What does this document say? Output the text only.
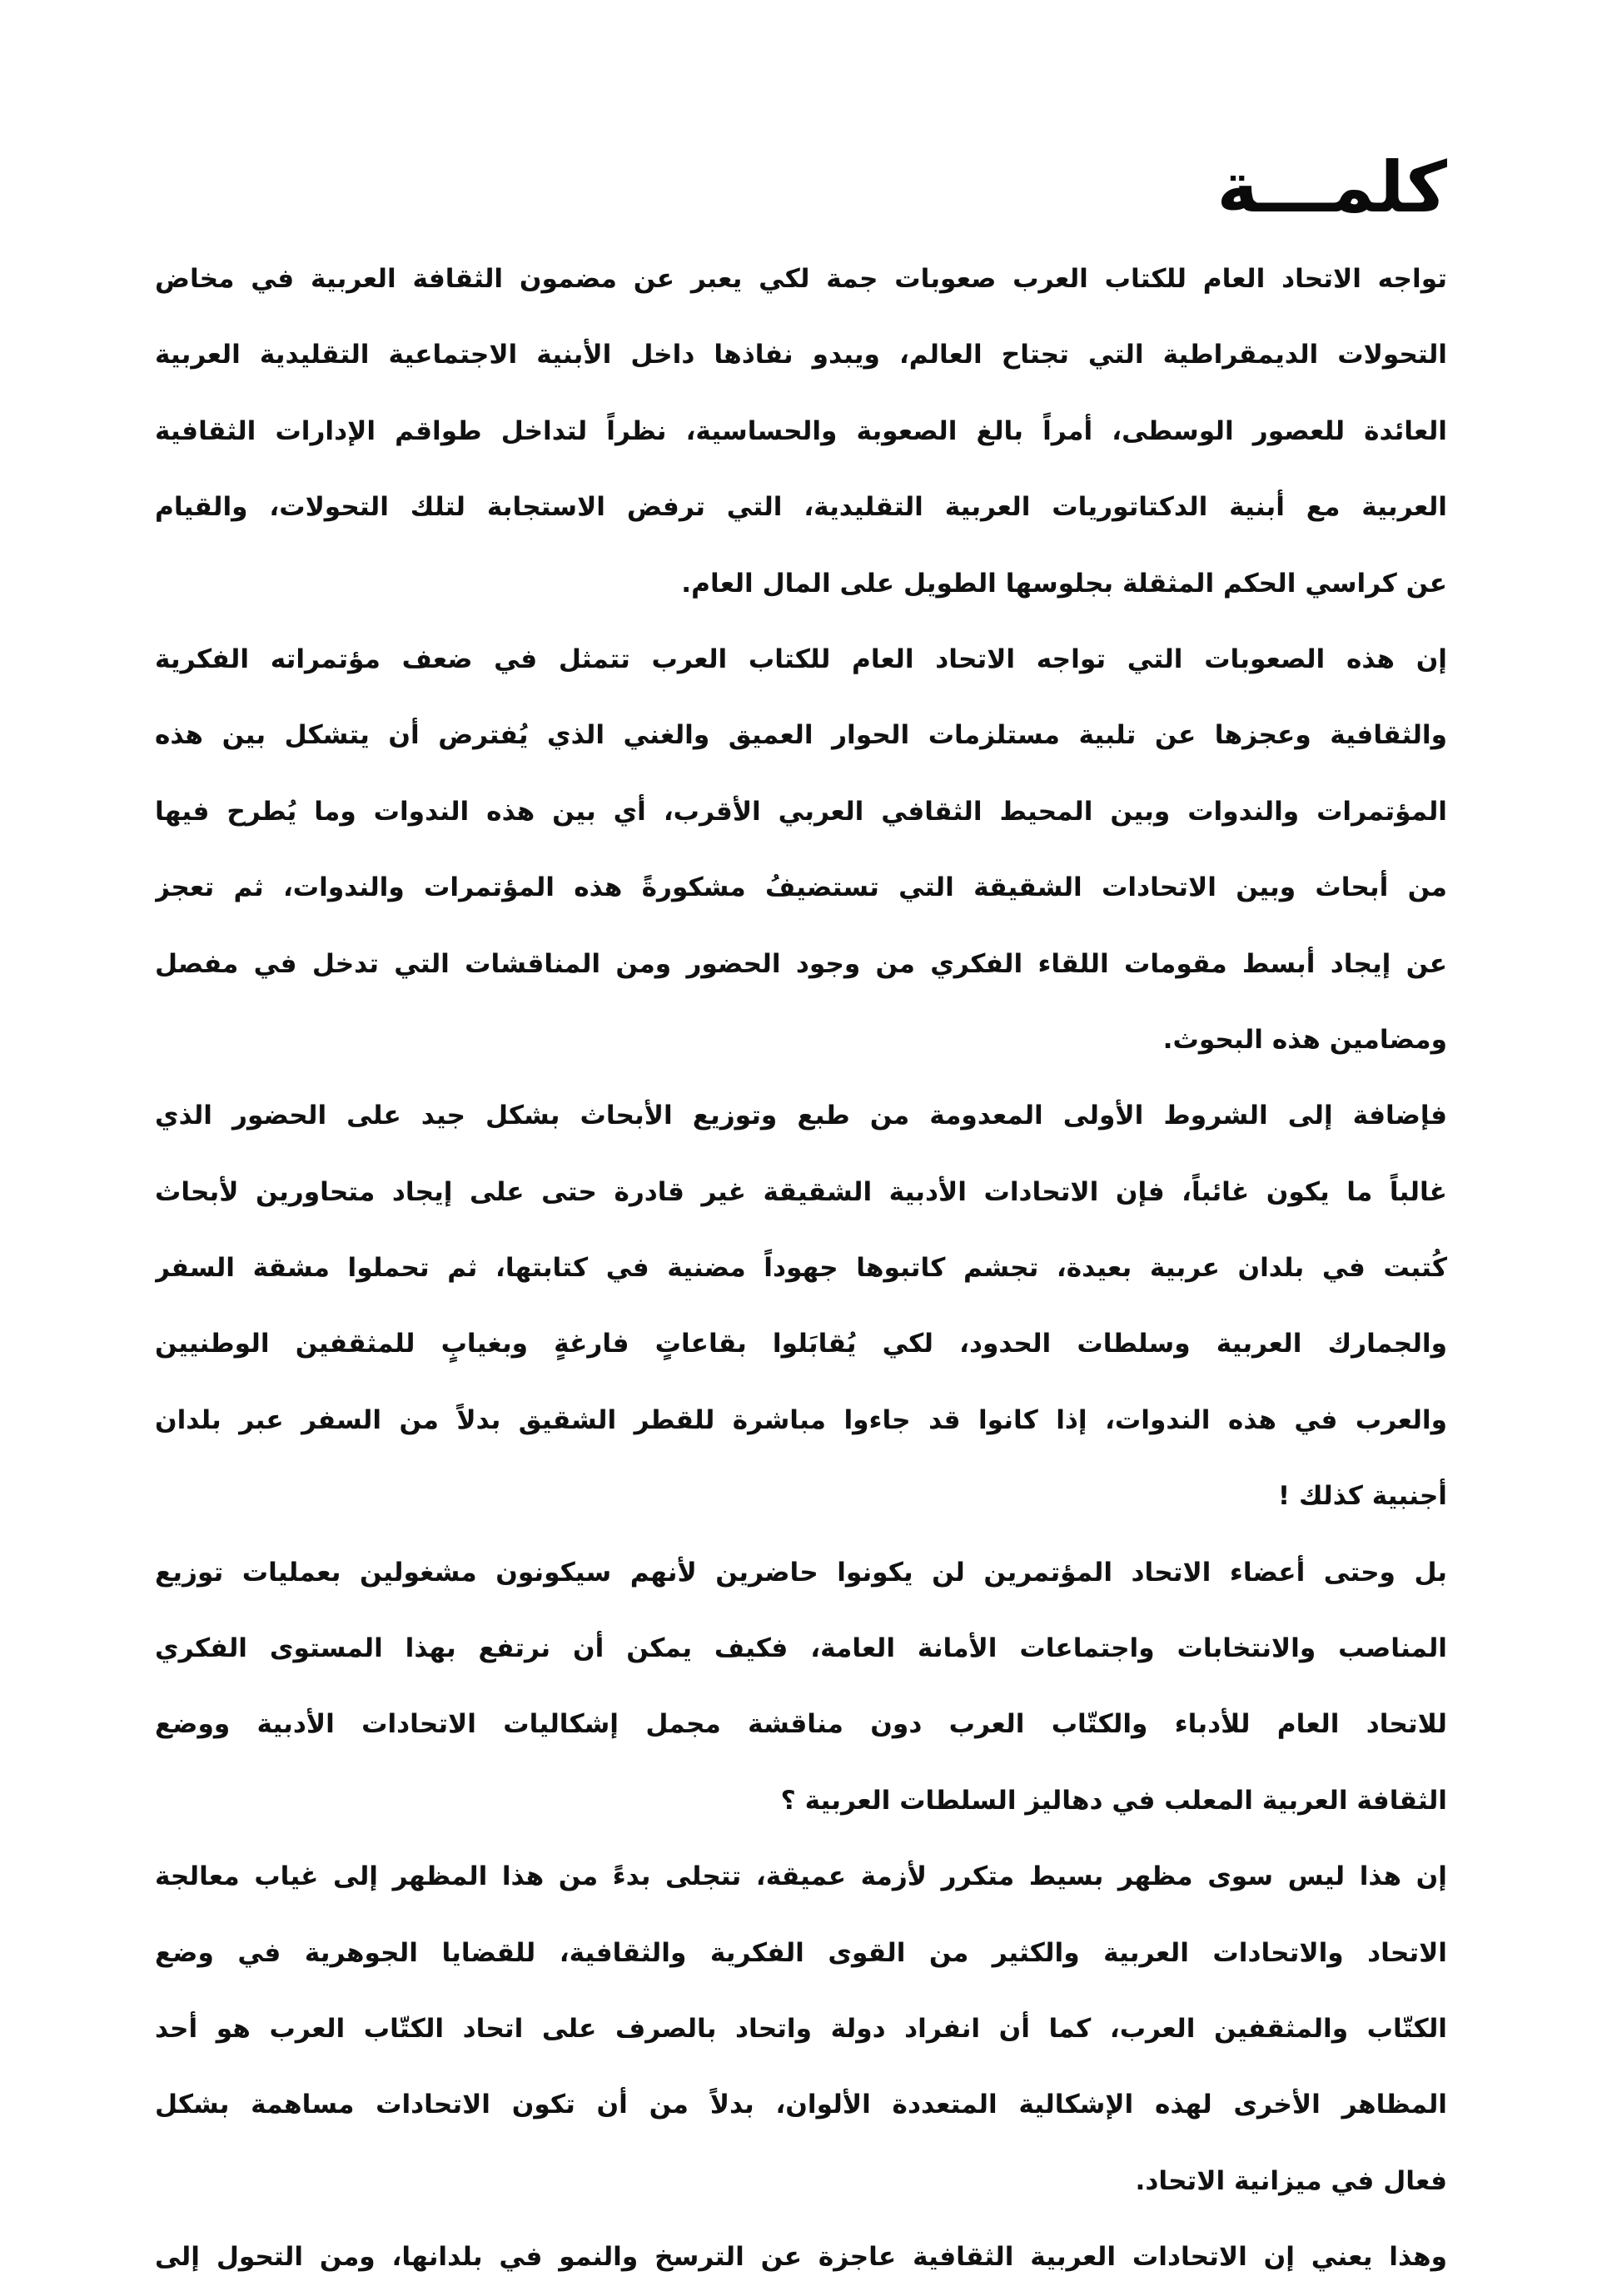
كلمـــة
تواجه الاتحاد العام للكتاب العرب صعوبات جمة لكي يعبر عن مضمون الثقافة العربية في مخاض
التحولات الديمقراطية التي تجتاح العالم، ويبدو نفاذها داخل الأبنية الاجتماعية التقليدية العربية
العائدة للعصور الوسطى، أمراً بالغ الصعوبة والحساسية، نظراً لتداخل طواقم الإدارات الثقافية
العربية مع أبنية الدكتاتوريات العربية التقليدية، التي ترفض الاستجابة لتلك التحولات، والقيام
عن كراسي الحكم المثقلة بجلوسها الطويل على المال العام.
إن هذه الصعوبات التي تواجه الاتحاد العام للكتاب العرب تتمثل في ضعف مؤتمراته الفكرية
والثقافية وعجزها عن تلبية مستلزمات الحوار العميق والغني الذي يُفترض أن يتشكل بين هذه
المؤتمرات والندوات وبين المحيط الثقافي العربي الأقرب، أي بين هذه الندوات وما يُطرح فيها
من أبحاث وبين الاتحادات الشقيقة التي تستضيفُ مشكورةً هذه المؤتمرات والندوات، ثم تعجز
عن إيجاد أبسط مقومات اللقاء الفكري من وجود الحضور ومن المناقشات التي تدخل في مفصل
ومضامين هذه البحوث.
فإضافة إلى الشروط الأولى المعدومة من طبع وتوزيع الأبحاث بشكل جيد على الحضور الذي
غالباً ما يكون غائباً، فإن الاتحادات الأدبية الشقيقة غير قادرة حتى على إيجاد متحاورين لأبحاث
كُتبت في بلدان عربية بعيدة، تجشم كاتبوها جهوداً مضنية في كتابتها، ثم تحملوا مشقة السفر
والجمارك العربية وسلطات الحدود، لكي يُقابَلوا بقاعاتٍ فارغةٍ وبغيابٍ للمثقفين الوطنيين
والعرب في هذه الندوات، إذا كانوا قد جاءوا مباشرة للقطر الشقيق بدلاً من السفر عبر بلدان
أجنبية كذلك !
بل وحتى أعضاء الاتحاد المؤتمرين لن يكونوا حاضرين لأنهم سيكونون مشغولين بعمليات توزيع
المناصب والانتخابات واجتماعات الأمانة العامة، فكيف يمكن أن نرتفع بهذا المستوى الفكري
للاتحاد العام للأدباء والكتّاب العرب دون مناقشة مجمل إشكاليات الاتحادات الأدبية ووضع
الثقافة العربية المعلب في دهاليز السلطات العربية ؟
إن هذا ليس سوى مظهر بسيط متكرر لأزمة عميقة، تتجلى بدءً من هذا المظهر إلى غياب معالجة
الاتحاد والاتحادات العربية والكثير من القوى الفكرية والثقافية، للقضايا الجوهرية في وضع
الكتّاب والمثقفين العرب، كما أن انفراد دولة واتحاد بالصرف على اتحاد الكتّاب العرب هو أحد
المظاهر الأخرى لهذه الإشكالية المتعددة الألوان، بدلاً من أن تكون الاتحادات مساهمة بشكل
فعال في ميزانية الاتحاد.
وهذا يعني إن الاتحادات العربية الثقافية عاجزة عن الترسخ والنمو في بلدانها، ومن التحول إلى
